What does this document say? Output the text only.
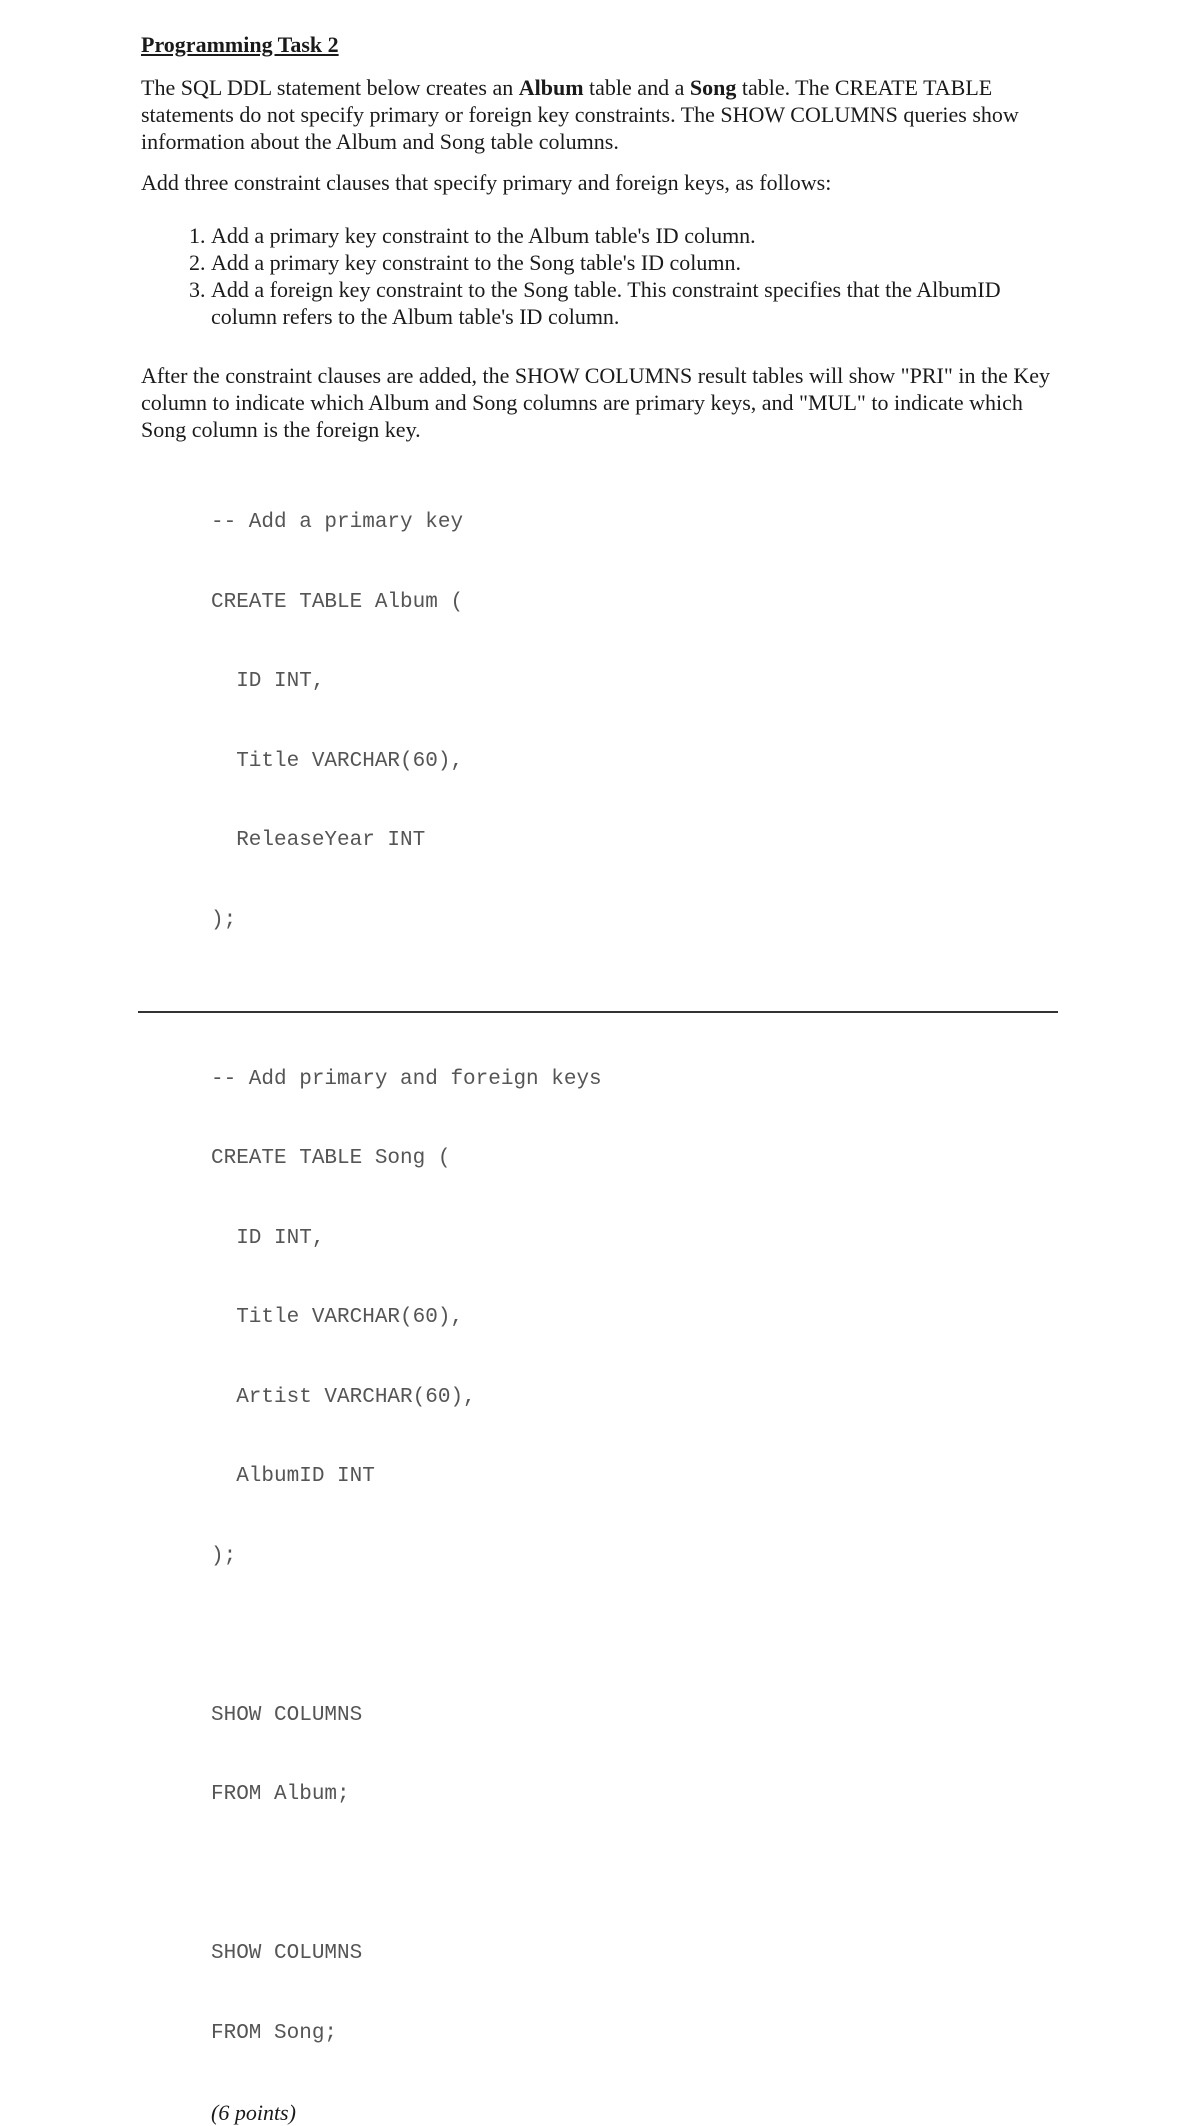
Programming Task 2

The SQL DDL statement below creates an Album table and a Song table. The CREATE TABLE statements do not specify primary or foreign key constraints. The SHOW COLUMNS queries show information about the Album and Song table columns.

Add three constraint clauses that specify primary and foreign keys, as follows:

1. Add a primary key constraint to the Album table's ID column.
2. Add a primary key constraint to the Song table's ID column.
3. Add a foreign key constraint to the Song table. This constraint specifies that the AlbumID column refers to the Album table's ID column.

After the constraint clauses are added, the SHOW COLUMNS result tables will show "PRI" in the Key column to indicate which Album and Song columns are primary keys, and "MUL" to indicate which Song column is the foreign key.

-- Add a primary key

CREATE TABLE Album (

ID INT,

Title VARCHAR(60),

ReleaseYear INT

);

-- Add primary and foreign keys

CREATE TABLE Song (

ID INT,

Title VARCHAR(60),

Artist VARCHAR(60),

AlbumID INT

);

SHOW COLUMNS

FROM Album;

SHOW COLUMNS

FROM Song;

(6 points)
